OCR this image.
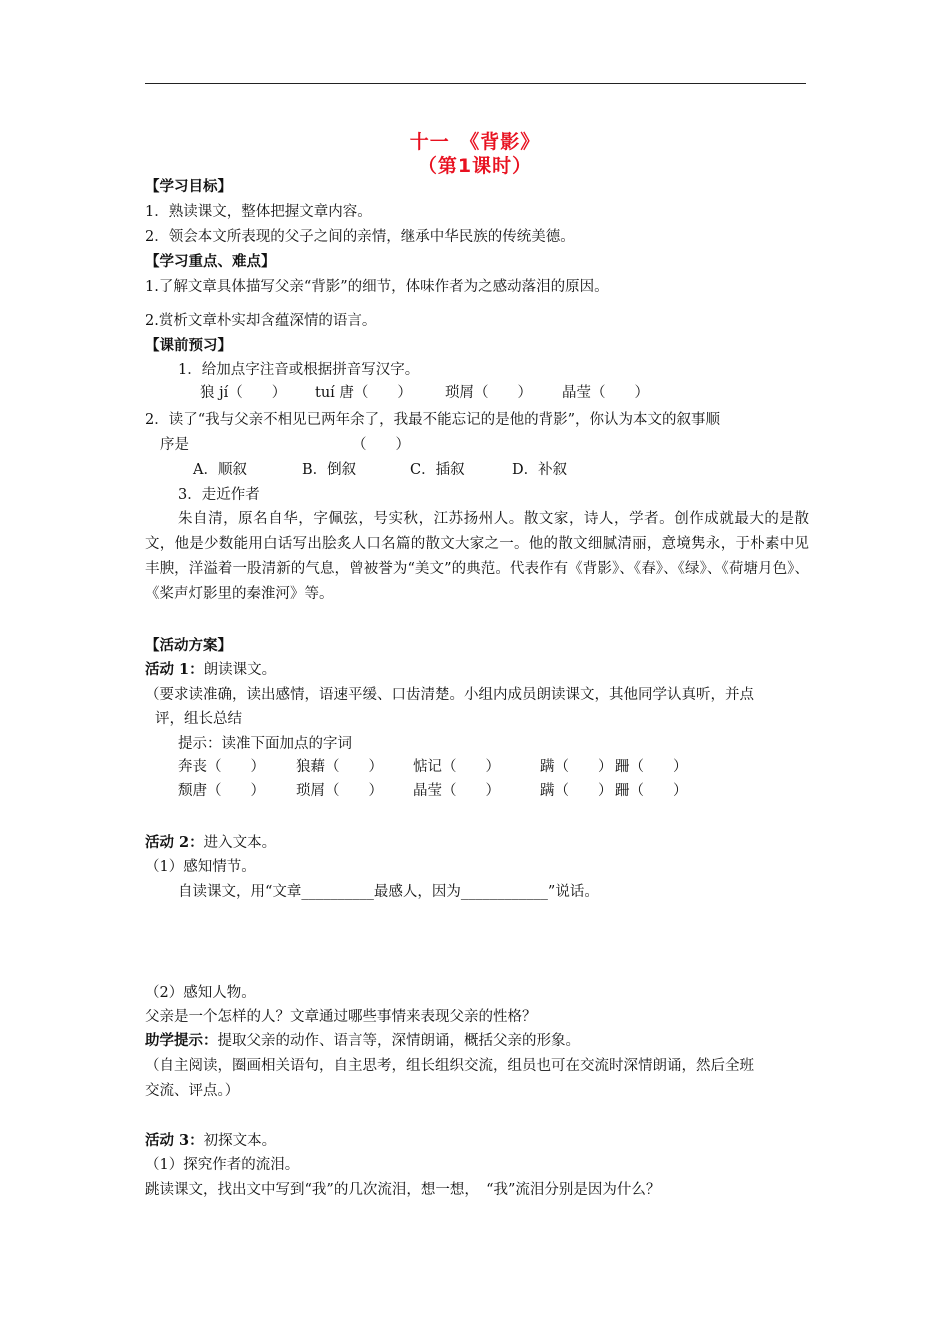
十一　《背影》
（第1课时）
【学习目标】
1．熟读课文，整体把握文章内容。
2．领会本文所表现的父子之间的亲情，继承中华民族的传统美德。
【学习重点、难点】
1.了解文章具体描写父亲“背影”的细节，体味作者为之感动落泪的原因。
2.赏析文章朴实却含蕴深情的语言。
【课前预习】
1．给加点字注音或根据拼音写汉字。
狼 jí（　　） tuí 唐（　　） 琐屑（　　） 晶莹（　　）
2．读了“我与父亲不相见已两年余了，我最不能忘记的是他的背影”，你认为本文的叙事顺
序是	（　　）
A．顺叙	B．倒叙	C．插叙	D．补叙
3．走近作者
朱自清，原名自华，字佩弦，号实秋，江苏扬州人。散文家，诗人，学者。创作成就最大的是散文，他是少数能用白话写出脍炙人口名篇的散文大家之一。他的散文细腻清丽，意境隽永，于朴素中见丰腴，洋溢着一股清新的气息，曾被誉为“美文”的典范。代表作有《背影》、《春》、《绿》、《荷塘月色》、《桨声灯影里的秦淮河》等。
【活动方案】
活动 1：朗读课文。
（要求读准确，读出感情，语速平缓、口齿清楚。小组内成员朗读课文，其他同学认真听，并点
评，组长总结
提示：读准下面加点的字词
奔丧（　　） 狼藉（　　） 惦记（　　）	蹒（　　） 跚（　　）
颓唐（　　） 琐屑（　　） 晶莹（　　）	蹒（　　） 跚（　　）
活动 2：进入文本。
（1）感知情节。
自读课文，用“文章__________最感人，因为____________”说话。
（2）感知人物。
父亲是一个怎样的人？文章通过哪些事情来表现父亲的性格？
助学提示：提取父亲的动作、语言等，深情朗诵，概括父亲的形象。
（自主阅读，圈画相关语句，自主思考，组长组织交流，组员也可在交流时深情朗诵，然后全班
交流、评点。）
活动 3：初探文本。
（1）探究作者的流泪。
跳读课文，找出文中写到“我”的几次流泪，想一想，　“我”流泪分别是因为什么？
